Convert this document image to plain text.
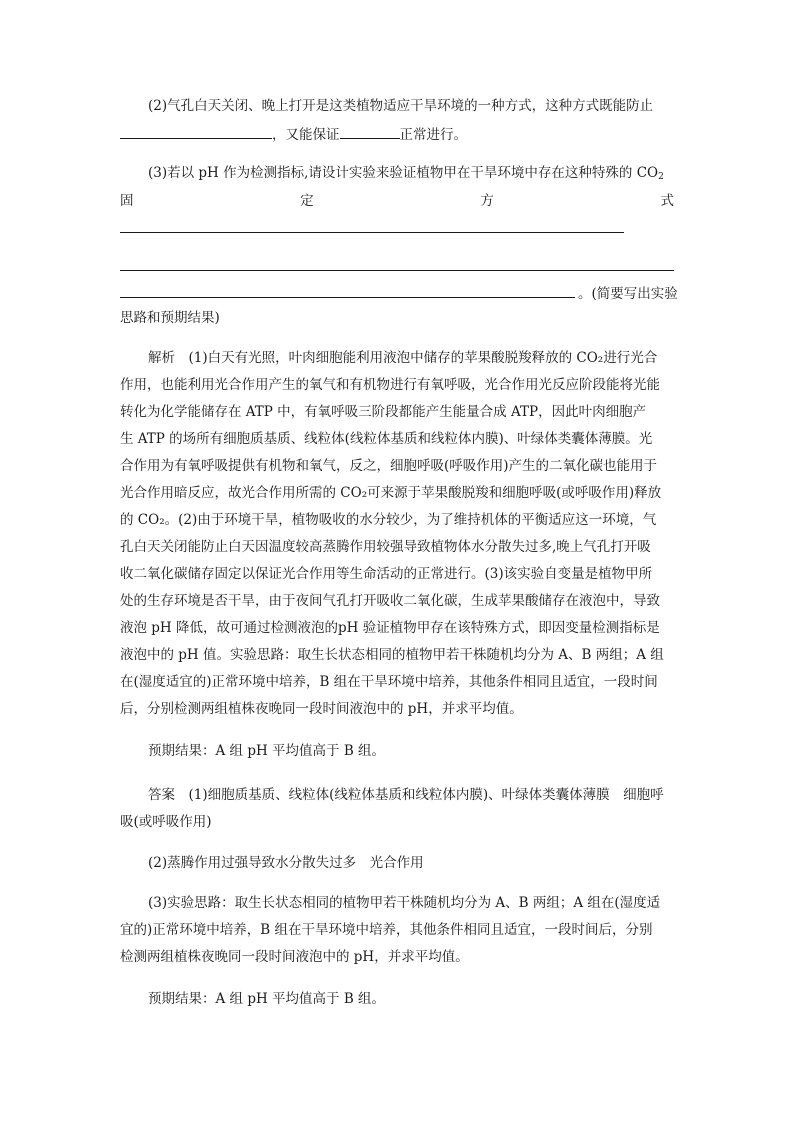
(2)气孔白天关闭、晚上打开是这类植物适应干旱环境的一种方式，这种方式既能防止
，又能保证	正常进行。
(3)若以 pH 作为检测指标,请设计实验来验证植物甲在干旱环境中存在这种特殊的 $CO_2$
固	定	方	式
。(简要写出实验
思路和预期结果)
解析　(1)白天有光照，叶肉细胞能利用液泡中储存的苹果酸脱羧释放的 CO₂进行光合
作用，也能利用光合作用产生的氧气和有机物进行有氧呼吸，光合作用光反应阶段能将光能
转化为化学能储存在 ATP 中，有氧呼吸三阶段都能产生能量合成 ATP，因此叶肉细胞产
生 ATP 的场所有细胞质基质、线粒体(线粒体基质和线粒体内膜)、叶绿体类囊体薄膜。光
合作用为有氧呼吸提供有机物和氧气，反之，细胞呼吸(呼吸作用)产生的二氧化碳也能用于
光合作用暗反应，故光合作用所需的 CO₂可来源于苹果酸脱羧和细胞呼吸(或呼吸作用)释放
的 CO₂。(2)由于环境干旱，植物吸收的水分较少，为了维持机体的平衡适应这一环境，气
孔白天关闭能防止白天因温度较高蒸腾作用较强导致植物体水分散失过多,晚上气孔打开吸
收二氧化碳储存固定以保证光合作用等生命活动的正常进行。(3)该实验自变量是植物甲所
处的生存环境是否干旱，由于夜间气孔打开吸收二氧化碳，生成苹果酸储存在液泡中，导致
液泡 pH 降低，故可通过检测液泡的pH 验证植物甲存在该特殊方式，即因变量检测指标是
液泡中的 pH 值。实验思路：取生长状态相同的植物甲若干株随机均分为 A、B 两组；A 组
在(湿度适宜的)正常环境中培养，B 组在干旱环境中培养，其他条件相同且适宜，一段时间
后，分别检测两组植株夜晚同一段时间液泡中的 pH，并求平均值。
预期结果：A 组 pH 平均值高于 B 组。
答案　(1)细胞质基质、线粒体(线粒体基质和线粒体内膜)、叶绿体类囊体薄膜　细胞呼
吸(或呼吸作用)
(2)蒸腾作用过强导致水分散失过多　光合作用
(3)实验思路：取生长状态相同的植物甲若干株随机均分为 A、B 两组；A 组在(湿度适
宜的)正常环境中培养，B 组在干旱环境中培养，其他条件相同且适宜，一段时间后，分别
检测两组植株夜晚同一段时间液泡中的 pH，并求平均值。
预期结果：A 组 pH 平均值高于 B 组。
